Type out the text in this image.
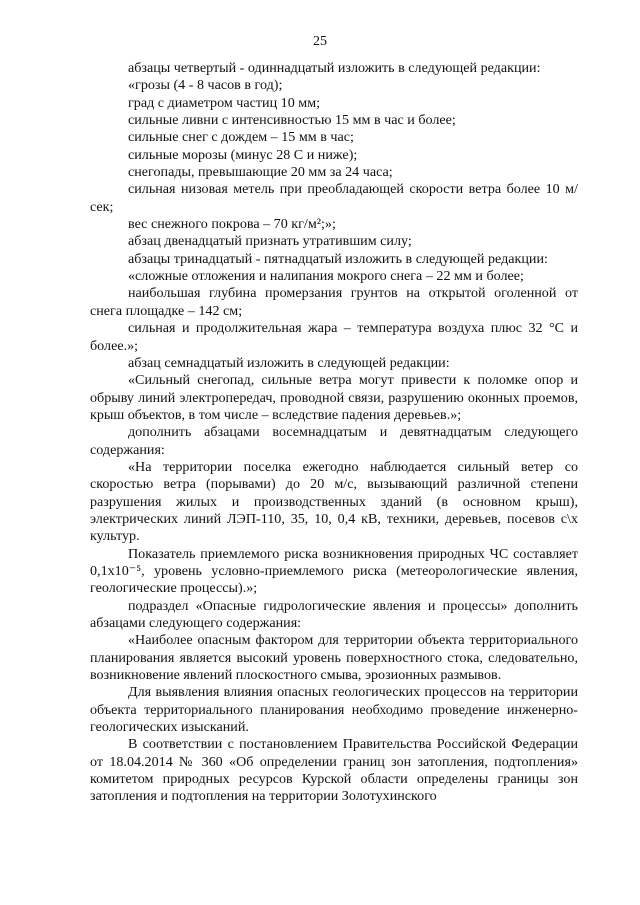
25

абзацы четвертый - одиннадцатый изложить в следующей редакции:

«грозы (4 - 8 часов в год);

град с диаметром частиц 10 мм;

сильные ливни с интенсивностью 15 мм в час и более;

сильные снег с дождем – 15 мм в час;

сильные морозы (минус 28 С и ниже);

снегопады, превышающие 20 мм за 24 часа;

сильная низовая метель при преобладающей скорости ветра более 10 м/сек;

вес снежного покрова – 70 кг/м²;»;

абзац двенадцатый признать утратившим силу;

абзацы тринадцатый - пятнадцатый изложить в следующей редакции:

«сложные отложения и налипания мокрого снега – 22 мм и более;

наибольшая глубина промерзания грунтов на открытой оголенной от снега площадке – 142 см;

сильная и продолжительная жара – температура воздуха плюс 32 °С и более.»;

абзац семнадцатый изложить в следующей редакции:

«Сильный снегопад, сильные ветра могут привести к поломке опор и обрыву линий электропередач, проводной связи, разрушению оконных проемов, крыш объектов, в том числе – вследствие падения деревьев.»;

дополнить абзацами восемнадцатым и девятнадцатым следующего содержания:

«На территории поселка ежегодно наблюдается сильный ветер со скоростью ветра (порывами) до 20 м/с, вызывающий различной степени разрушения жилых и производственных зданий (в основном крыш), электрических линий ЛЭП-110, 35, 10, 0,4 кВ, техники, деревьев, посевов с\х культур.

Показатель приемлемого риска возникновения природных ЧС составляет 0,1х10⁻⁵, уровень условно-приемлемого риска (метеорологические явления, геологические процессы).»;

подраздел «Опасные гидрологические явления и процессы» дополнить абзацами следующего содержания:

«Наиболее опасным фактором для территории объекта территориального планирования является высокий уровень поверхностного стока, следовательно, возникновение явлений плоскостного смыва, эрозионных размывов.

Для выявления влияния опасных геологических процессов на территории объекта территориального планирования необходимо проведение инженерно-геологических изысканий.

В соответствии с постановлением Правительства Российской Федерации от 18.04.2014 № 360 «Об определении границ зон затопления, подтопления» комитетом природных ресурсов Курской области определены границы зон затопления и подтопления на территории Золотухинского
